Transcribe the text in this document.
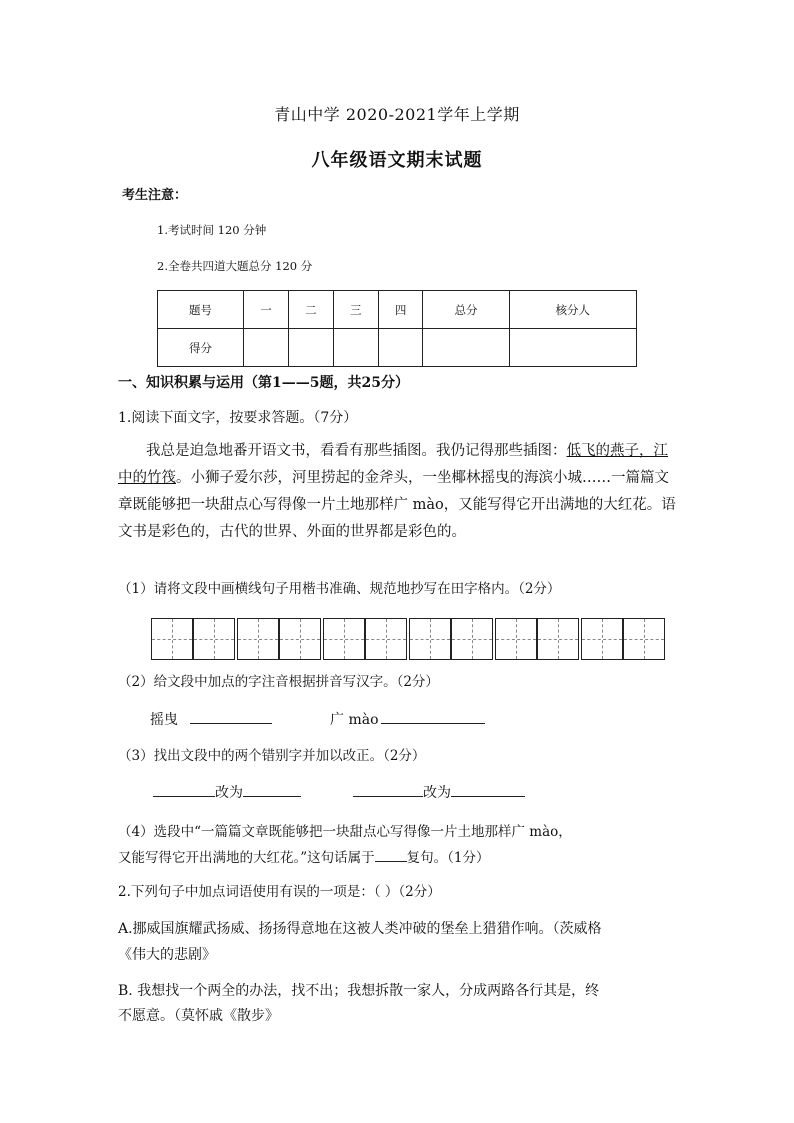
青山中学 2020-2021学年上学期
八年级语文期末试题
考生注意：
1.考试时间 120 分钟
2.全卷共四道大题总分 120 分
题号	一	二	三	四	总分	核分人
得分						
一、知识积累与运用（第1——5题，共25分）
1.阅读下面文字，按要求答题。（7分）
我总是迫急地番开语文书，看看有那些插图。我仍记得那些插图：低飞的燕子，江中的竹筏。小狮子爱尔莎，河里捞起的金斧头，一坐椰林摇曳的海滨小城……一篇篇文章既能够把一块甜点心写得像一片土地那样广 mào，又能写得它开出满地的大红花。语文书是彩色的，古代的世界、外面的世界都是彩色的。
（1）请将文段中画横线句子用楷书准确、规范地抄写在田字格内。（2分）
（2）给文段中加点的字注音根据拼音写汉字。（2分）
摇曳	广 mào
（3）找出文段中的两个错别字并加以改正。（2分）
改为	改为
（4）选段中“一篇篇文章既能够把一块甜点心写得像一片土地那样广 mào，
又能写得它开出满地的大红花。”这句话属于 复句。（1分）
2.下列句子中加点词语使用有误的一项是：（ ）（2分）
A.挪威国旗耀武扬威、扬扬得意地在这被人类冲破的堡垒上猎猎作响。（茨威格
《伟大的悲剧》
B. 我想找一个两全的办法，找不出；我想拆散一家人，分成两路各行其是，终
不愿意。（莫怀戚《散步》
